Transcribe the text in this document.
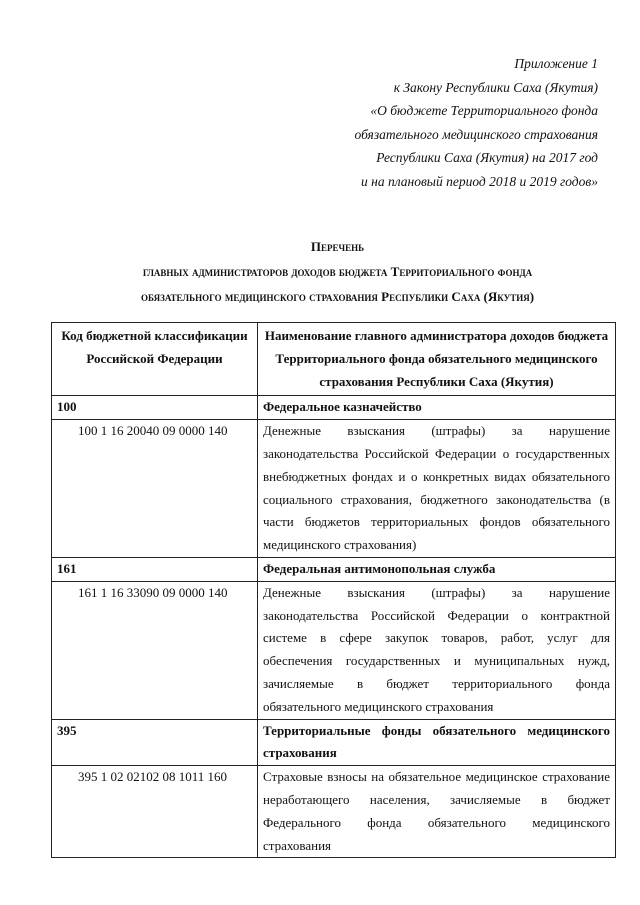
Приложение 1
к Закону Республики Саха (Якутия)
«О бюджете Территориального фонда
обязательного медицинского страхования
Республики Саха (Якутия) на 2017 год
и на плановый период 2018 и 2019 годов»
Перечень
главных администраторов доходов бюджета Территориального фонда
обязательного медицинского страхования Республики Саха (Якутия)
Код бюджетной классификации Российской Федерации	Наименование главного администратора доходов бюджета Территориального фонда обязательного медицинского страхования Республики Саха (Якутия)
100	Федеральное казначейство
100 1 16 20040 09 0000 140	Денежные взыскания (штрафы) за нарушение законодательства Российской Федерации о государственных внебюджетных фондах и о конкретных видах обязательного социального страхования, бюджетного законодательства (в части бюджетов территориальных фондов обязательного медицинского страхования)
161	Федеральная антимонопольная служба
161 1 16 33090 09 0000 140	Денежные взыскания (штрафы) за нарушение законодательства Российской Федерации о контрактной системе в сфере закупок товаров, работ, услуг для обеспечения государственных и муниципальных нужд, зачисляемые в бюджет территориального фонда обязательного медицинского страхования
395	Территориальные фонды обязательного медицинского страхования
395 1 02 02102 08 1011 160	Страховые взносы на обязательное медицинское страхование неработающего населения, зачисляемые в бюджет Федерального фонда обязательного медицинского страхования
